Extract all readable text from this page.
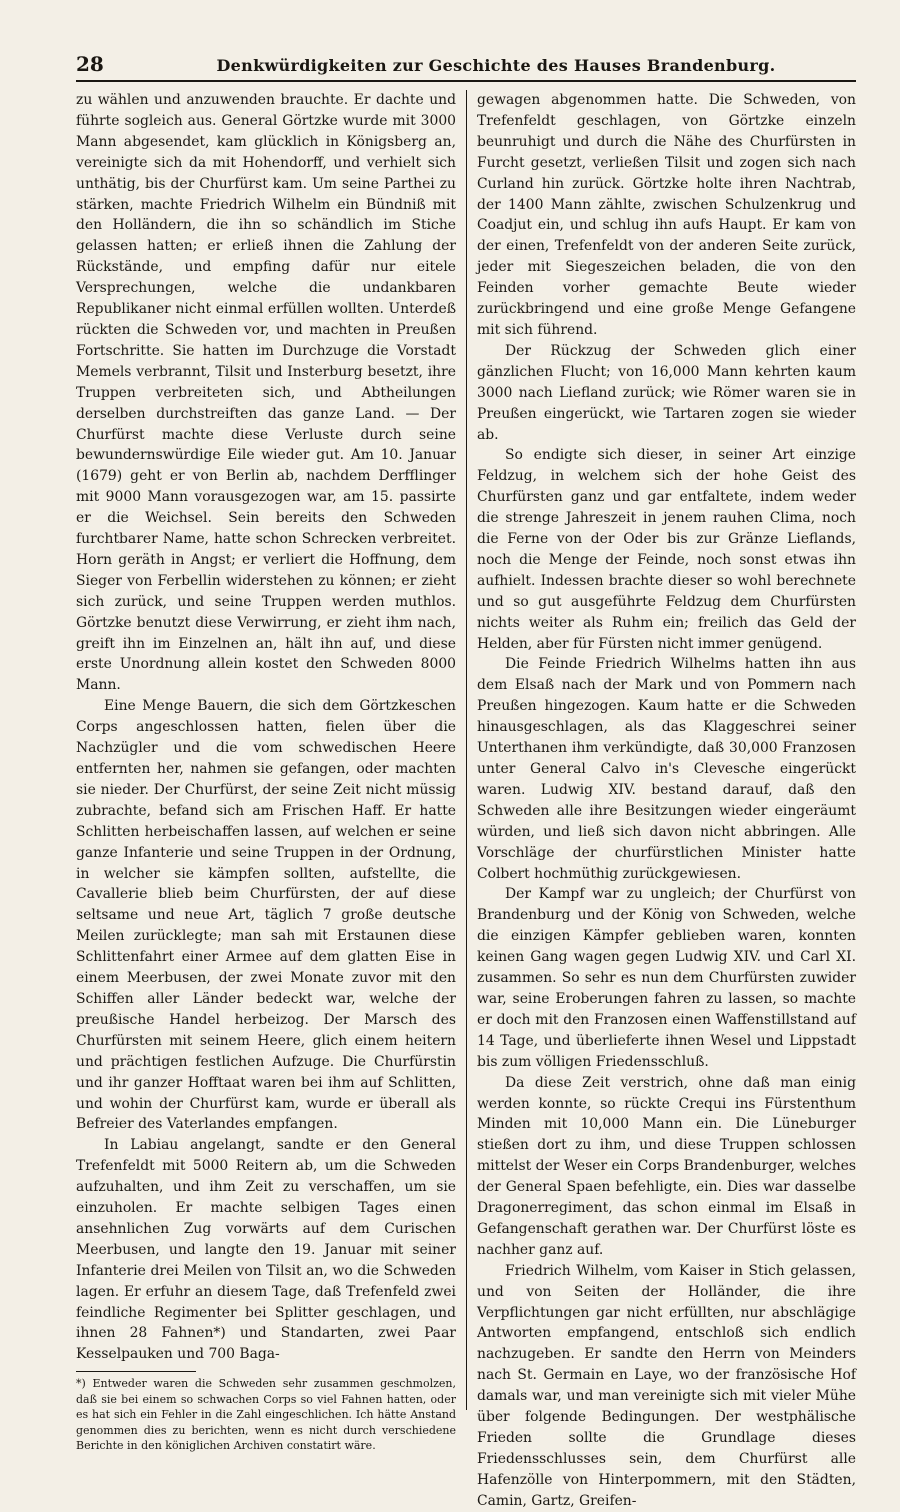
28	Denkwürdigkeiten zur Geschichte des Hauses Brandenburg.

zu wählen und anzuwenden brauchte. Er dachte und führte sogleich aus. General Görtzke wurde mit 3000 Mann abgesendet, kam glücklich in Königsberg an, vereinigte sich da mit Hohendorff, und verhielt sich unthätig, bis der Churfürst kam. Um seine Parthei zu stärken, machte Friedrich Wilhelm ein Bündniß mit den Holländern, die ihn so schändlich im Stiche gelassen hatten; er erließ ihnen die Zahlung der Rückstände, und empfing dafür nur eitele Versprechungen, welche die undankbaren Republikaner nicht einmal erfüllen wollten. Unterdeß rückten die Schweden vor, und machten in Preußen Fortschritte. Sie hatten im Durchzuge die Vorstadt Memels verbrannt, Tilsit und Insterburg besetzt, ihre Truppen verbreiteten sich, und Abtheilungen derselben durchstreiften das ganze Land. — Der Churfürst machte diese Verluste durch seine bewundernswürdige Eile wieder gut. Am 10. Januar (1679) geht er von Berlin ab, nachdem Derfflinger mit 9000 Mann vorausgezogen war, am 15. passirte er die Weichsel. Sein bereits den Schweden furchtbarer Name, hatte schon Schrecken verbreitet. Horn geräth in Angst; er verliert die Hoffnung, dem Sieger von Ferbellin widerstehen zu können; er zieht sich zurück, und seine Truppen werden muthlos. Görtzke benutzt diese Verwirrung, er zieht ihm nach, greift ihn im Einzelnen an, hält ihn auf, und diese erste Unordnung allein kostet den Schweden 8000 Mann.

Eine Menge Bauern, die sich dem Görtzkeschen Corps angeschlossen hatten, fielen über die Nachzügler und die vom schwedischen Heere entfernten her, nahmen sie gefangen, oder machten sie nieder. Der Churfürst, der seine Zeit nicht müssig zubrachte, befand sich am Frischen Haff. Er hatte Schlitten herbeischaffen lassen, auf welchen er seine ganze Infanterie und seine Truppen in der Ordnung, in welcher sie kämpfen sollten, aufstellte, die Cavallerie blieb beim Churfürsten, der auf diese seltsame und neue Art, täglich 7 große deutsche Meilen zurücklegte; man sah mit Erstaunen diese Schlittenfahrt einer Armee auf dem glatten Eise in einem Meerbusen, der zwei Monate zuvor mit den Schiffen aller Länder bedeckt war, welche der preußische Handel herbeizog. Der Marsch des Churfürsten mit seinem Heere, glich einem heitern und prächtigen festlichen Aufzuge. Die Churfürstin und ihr ganzer Hofftaat waren bei ihm auf Schlitten, und wohin der Churfürst kam, wurde er überall als Befreier des Vaterlandes empfangen.

In Labiau angelangt, sandte er den General Trefenfeldt mit 5000 Reitern ab, um die Schweden aufzuhalten, und ihm Zeit zu verschaffen, um sie einzuholen. Er machte selbigen Tages einen ansehnlichen Zug vorwärts auf dem Curischen Meerbusen, und langte den 19. Januar mit seiner Infanterie drei Meilen von Tilsit an, wo die Schweden lagen. Er erfuhr an diesem Tage, daß Trefenfeld zwei feindliche Regimenter bei Splitter geschlagen, und ihnen 28 Fahnen*) und Standarten, zwei Paar Kesselpauken und 700 Baga-

*) Entweder waren die Schweden sehr zusammen geschmolzen, daß sie bei einem so schwachen Corps so viel Fahnen hatten, oder es hat sich ein Fehler in die Zahl eingeschlichen. Ich hätte Anstand genommen dies zu berichten, wenn es nicht durch verschiedene Berichte in den königlichen Archiven constatirt wäre.

gewagen abgenommen hatte. Die Schweden, von Trefenfeldt geschlagen, von Görtzke einzeln beunruhigt und durch die Nähe des Churfürsten in Furcht gesetzt, verließen Tilsit und zogen sich nach Curland hin zurück. Görtzke holte ihren Nachtrab, der 1400 Mann zählte, zwischen Schulzenkrug und Coadjut ein, und schlug ihn aufs Haupt. Er kam von der einen, Trefenfeldt von der anderen Seite zurück, jeder mit Siegeszeichen beladen, die von den Feinden vorher gemachte Beute wieder zurückbringend und eine große Menge Gefangene mit sich führend.

Der Rückzug der Schweden glich einer gänzlichen Flucht; von 16,000 Mann kehrten kaum 3000 nach Liefland zurück; wie Römer waren sie in Preußen eingerückt, wie Tartaren zogen sie wieder ab.

So endigte sich dieser, in seiner Art einzige Feldzug, in welchem sich der hohe Geist des Churfürsten ganz und gar entfaltete, indem weder die strenge Jahreszeit in jenem rauhen Clima, noch die Ferne von der Oder bis zur Gränze Lieflands, noch die Menge der Feinde, noch sonst etwas ihn aufhielt. Indessen brachte dieser so wohl berechnete und so gut ausgeführte Feldzug dem Churfürsten nichts weiter als Ruhm ein; freilich das Geld der Helden, aber für Fürsten nicht immer genügend.

Die Feinde Friedrich Wilhelms hatten ihn aus dem Elsaß nach der Mark und von Pommern nach Preußen hingezogen. Kaum hatte er die Schweden hinausgeschlagen, als das Klaggeschrei seiner Unterthanen ihm verkündigte, daß 30,000 Franzosen unter General Calvo in's Clevesche eingerückt waren. Ludwig XIV. bestand darauf, daß den Schweden alle ihre Besitzungen wieder eingeräumt würden, und ließ sich davon nicht abbringen. Alle Vorschläge der churfürstlichen Minister hatte Colbert hochmüthig zurückgewiesen.

Der Kampf war zu ungleich; der Churfürst von Brandenburg und der König von Schweden, welche die einzigen Kämpfer geblieben waren, konnten keinen Gang wagen gegen Ludwig XIV. und Carl XI. zusammen. So sehr es nun dem Churfürsten zuwider war, seine Eroberungen fahren zu lassen, so machte er doch mit den Franzosen einen Waffenstillstand auf 14 Tage, und überlieferte ihnen Wesel und Lippstadt bis zum völligen Friedensschluß.

Da diese Zeit verstrich, ohne daß man einig werden konnte, so rückte Crequi ins Fürstenthum Minden mit 10,000 Mann ein. Die Lüneburger stießen dort zu ihm, und diese Truppen schlossen mittelst der Weser ein Corps Brandenburger, welches der General Spaen befehligte, ein. Dies war dasselbe Dragonerregiment, das schon einmal im Elsaß in Gefangenschaft gerathen war. Der Churfürst löste es nachher ganz auf.

Friedrich Wilhelm, vom Kaiser in Stich gelassen, und von Seiten der Holländer, die ihre Verpflichtungen gar nicht erfüllten, nur abschlägige Antworten empfangend, entschloß sich endlich nachzugeben. Er sandte den Herrn von Meinders nach St. Germain en Laye, wo der französische Hof damals war, und man vereinigte sich mit vieler Mühe über folgende Bedingungen. Der westphälische Frieden sollte die Grundlage dieses Friedensschlusses sein, dem Churfürst alle Hafenzölle von Hinterpommern, mit den Städten, Camin, Gartz, Greifen-
